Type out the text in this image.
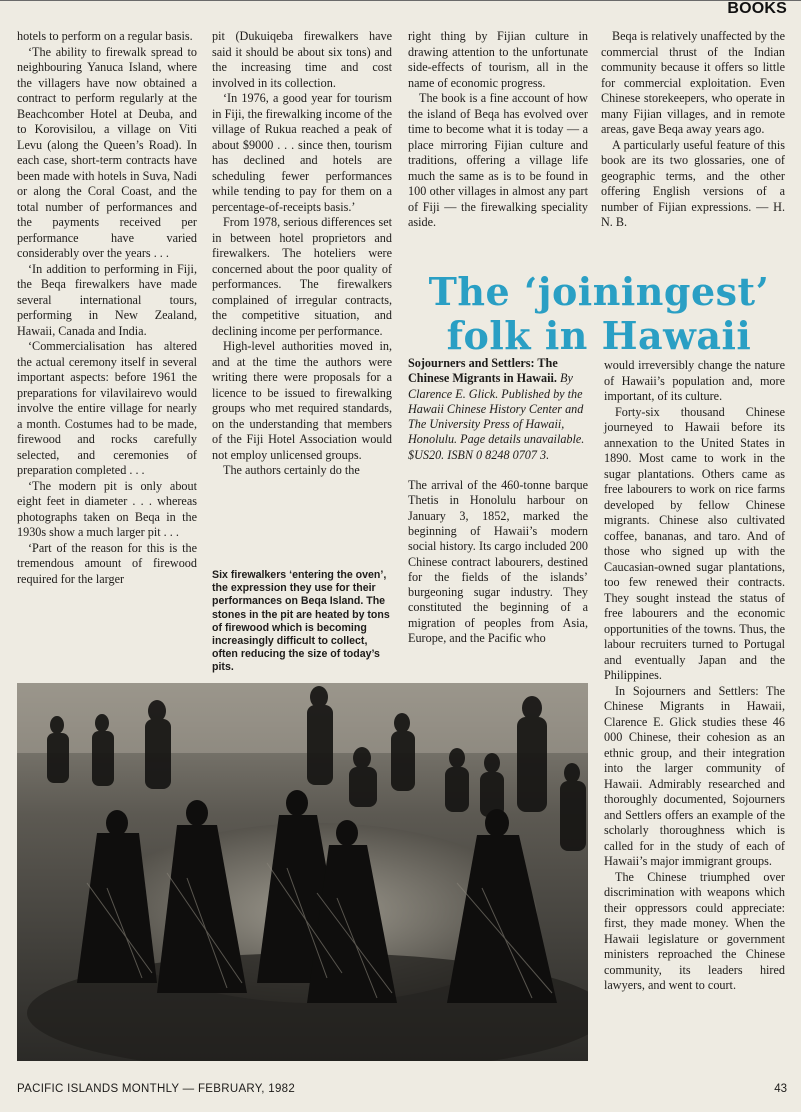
BOOKS

hotels to perform on a regular basis.

‘The ability to firewalk spread to neighbouring Yanuca Island, where the villagers have now obtained a contract to perform regularly at the Beachcomber Hotel at Deuba, and to Korovisilou, a village on Viti Levu (along the Queen’s Road). In each case, short-term contracts have been made with hotels in Suva, Nadi or along the Coral Coast, and the total number of performances and the payments received per performance have varied considerably over the years . . .

‘In addition to performing in Fiji, the Beqa firewalkers have made several international tours, performing in New Zealand, Hawaii, Canada and India.

‘Commercialisation has altered the actual ceremony itself in several important aspects: before 1961 the preparations for vilavilairevo would involve the entire village for nearly a month. Costumes had to be made, firewood and rocks carefully selected, and ceremonies of preparation completed . . .

‘The modern pit is only about eight feet in diameter . . . whereas photographs taken on Beqa in the 1930s show a much larger pit . . .

‘Part of the reason for this is the tremendous amount of firewood required for the larger

pit (Dukuiqeba firewalkers have said it should be about six tons) and the increasing time and cost involved in its collection.

‘In 1976, a good year for tourism in Fiji, the firewalking income of the village of Rukua reached a peak of about $9000 . . . since then, tourism has declined and hotels are scheduling fewer performances while tending to pay for them on a percentage-of-receipts basis.’

From 1978, serious differences set in between hotel proprietors and firewalkers. The hoteliers were concerned about the poor quality of performances. The firewalkers complained of irregular contracts, the competitive situation, and declining income per performance.

High-level authorities moved in, and at the time the authors were writing there were proposals for a licence to be issued to firewalking groups who met required standards, on the understanding that members of the Fiji Hotel Association would not employ unlicensed groups.

The authors certainly do the

Six firewalkers ‘entering the oven’, the expression they use for their performances on Beqa Island. The stones in the pit are heated by tons of firewood which is becoming increasingly difficult to collect, often reducing the size of today’s pits.

right thing by Fijian culture in drawing attention to the unfortunate side-effects of tourism, all in the name of economic progress.

The book is a fine account of how the island of Beqa has evolved over time to become what it is today — a place mirroring Fijian culture and traditions, offering a village life much the same as is to be found in 100 other villages in almost any part of Fiji — the firewalking speciality aside.

Beqa is relatively unaffected by the commercial thrust of the Indian community because it offers so little for commercial exploitation. Even Chinese storekeepers, who operate in many Fijian villages, and in remote areas, gave Beqa away years ago.

A particularly useful feature of this book are its two glossaries, one of geographic terms, and the other offering English versions of a number of Fijian expressions. — H. N. B.

The ‘joiningest’
folk in Hawaii
Sojourners and Settlers: The Chinese Migrants in Hawaii. By Clarence E. Glick. Published by the Hawaii Chinese History Center and The University Press of Hawaii, Honolulu. Page details unavailable. $US20. ISBN 0 8248 0707 3.

The arrival of the 460-tonne barque Thetis in Honolulu harbour on January 3, 1852, marked the beginning of Hawaii’s modern social history. Its cargo included 200 Chinese contract labourers, destined for the fields of the islands’ burgeoning sugar industry. They constituted the beginning of a migration of peoples from Asia, Europe, and the Pacific who

would irreversibly change the nature of Hawaii’s population and, more important, of its culture.

Forty-six thousand Chinese journeyed to Hawaii before its annexation to the United States in 1890. Most came to work in the sugar plantations. Others came as free labourers to work on rice farms developed by fellow Chinese migrants. Chinese also cultivated coffee, bananas, and taro. And of those who signed up with the Caucasian-owned sugar plantations, too few renewed their contracts. They sought instead the status of free labourers and the economic opportunities of the towns. Thus, the labour recruiters turned to Portugal and eventually Japan and the Philippines.

In Sojourners and Settlers: The Chinese Migrants in Hawaii, Clarence E. Glick studies these 46 000 Chinese, their cohesion as an ethnic group, and their integration into the larger community of Hawaii. Admirably researched and thoroughly documented, Sojourners and Settlers offers an example of the scholarly thoroughness which is called for in the study of each of Hawaii’s major immigrant groups.

The Chinese triumphed over discrimination with weapons which their oppressors could appreciate: first, they made money. When the Hawaii legislature or government ministers reproached the Chinese community, its leaders hired lawyers, and went to court.

PACIFIC ISLANDS MONTHLY — FEBRUARY, 1982	43
